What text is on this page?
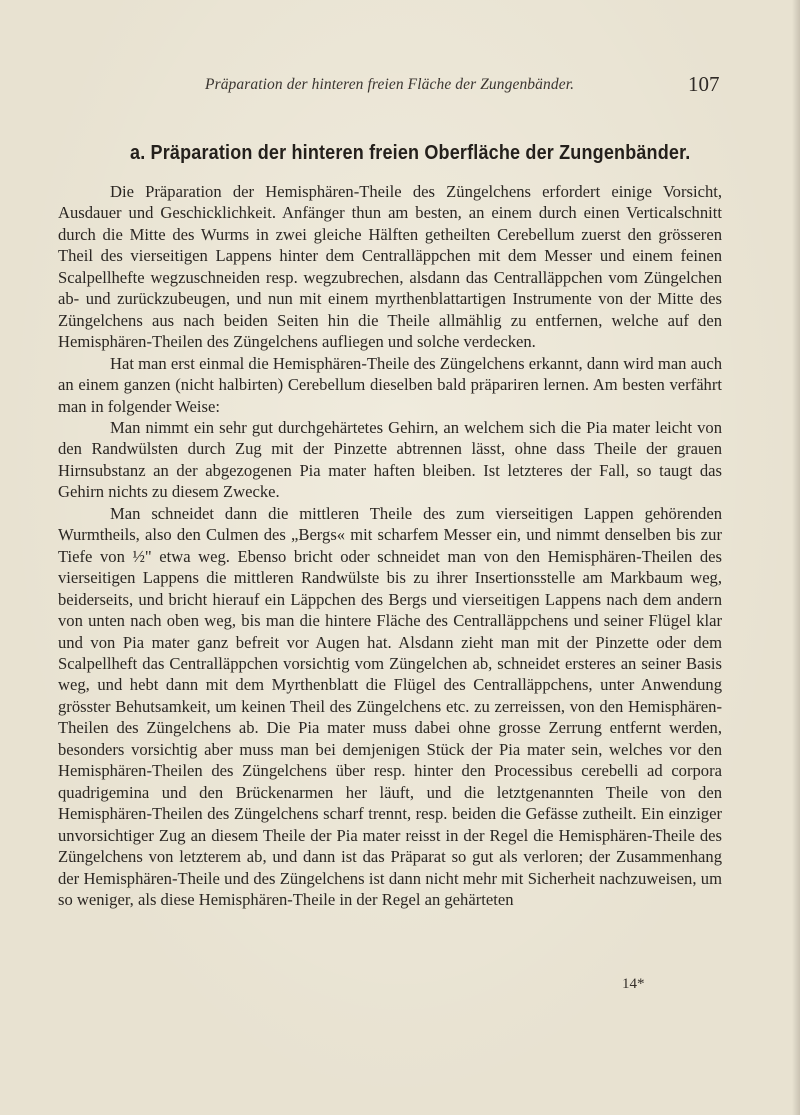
Präparation der hinteren freien Fläche der Zungenbänder.	107
a. Präparation der hinteren freien Oberfläche der Zungenbänder.

Die Präparation der Hemisphären-Theile des Züngelchens erfordert einige Vorsicht, Ausdauer und Geschicklichkeit. Anfänger thun am besten, an einem durch einen Verticalschnitt durch die Mitte des Wurms in zwei gleiche Hälften getheilten Cerebellum zuerst den grösseren Theil des vierseitigen Lappens hinter dem Centralläppchen mit dem Messer und einem feinen Scalpellhefte wegzuschneiden resp. wegzubrechen, alsdann das Centralläppchen vom Züngelchen ab- und zurückzubeugen, und nun mit einem myrthenblattartigen Instrumente von der Mitte des Züngelchens aus nach beiden Seiten hin die Theile allmählig zu entfernen, welche auf den Hemisphären-Theilen des Züngelchens aufliegen und solche verdecken.

Hat man erst einmal die Hemisphären-Theile des Züngelchens erkannt, dann wird man auch an einem ganzen (nicht halbirten) Cerebellum dieselben bald präpariren lernen. Am besten verfährt man in folgender Weise:

Man nimmt ein sehr gut durchgehärtetes Gehirn, an welchem sich die Pia mater leicht von den Randwülsten durch Zug mit der Pinzette abtrennen lässt, ohne dass Theile der grauen Hirnsubstanz an der abgezogenen Pia mater haften bleiben. Ist letzteres der Fall, so taugt das Gehirn nichts zu diesem Zwecke.

Man schneidet dann die mittleren Theile des zum vierseitigen Lappen gehörenden Wurmtheils, also den Culmen des „Bergs« mit scharfem Messer ein, und nimmt denselben bis zur Tiefe von ½" etwa weg. Ebenso bricht oder schneidet man von den Hemisphären-Theilen des vierseitigen Lappens die mittleren Randwülste bis zu ihrer Insertionsstelle am Markbaum weg, beiderseits, und bricht hierauf ein Läppchen des Bergs und vierseitigen Lappens nach dem andern von unten nach oben weg, bis man die hintere Fläche des Centralläppchens und seiner Flügel klar und von Pia mater ganz befreit vor Augen hat. Alsdann zieht man mit der Pinzette oder dem Scalpellheft das Centralläppchen vorsichtig vom Züngelchen ab, schneidet ersteres an seiner Basis weg, und hebt dann mit dem Myrthenblatt die Flügel des Centralläppchens, unter Anwendung grösster Behutsamkeit, um keinen Theil des Züngelchens etc. zu zerreissen, von den Hemisphären-Theilen des Züngelchens ab. Die Pia mater muss dabei ohne grosse Zerrung entfernt werden, besonders vorsichtig aber muss man bei demjenigen Stück der Pia mater sein, welches vor den Hemisphären-Theilen des Züngelchens über resp. hinter den Processibus cerebelli ad corpora quadrigemina und den Brückenarmen her läuft, und die letztgenannten Theile von den Hemisphären-Theilen des Züngelchens scharf trennt, resp. beiden die Gefässe zutheilt. Ein einziger unvorsichtiger Zug an diesem Theile der Pia mater reisst in der Regel die Hemisphären-Theile des Züngelchens von letzterem ab, und dann ist das Präparat so gut als verloren; der Zusammenhang der Hemisphären-Theile und des Züngelchens ist dann nicht mehr mit Sicherheit nachzuweisen, um so weniger, als diese Hemisphären-Theile in der Regel an gehärteten

14*
